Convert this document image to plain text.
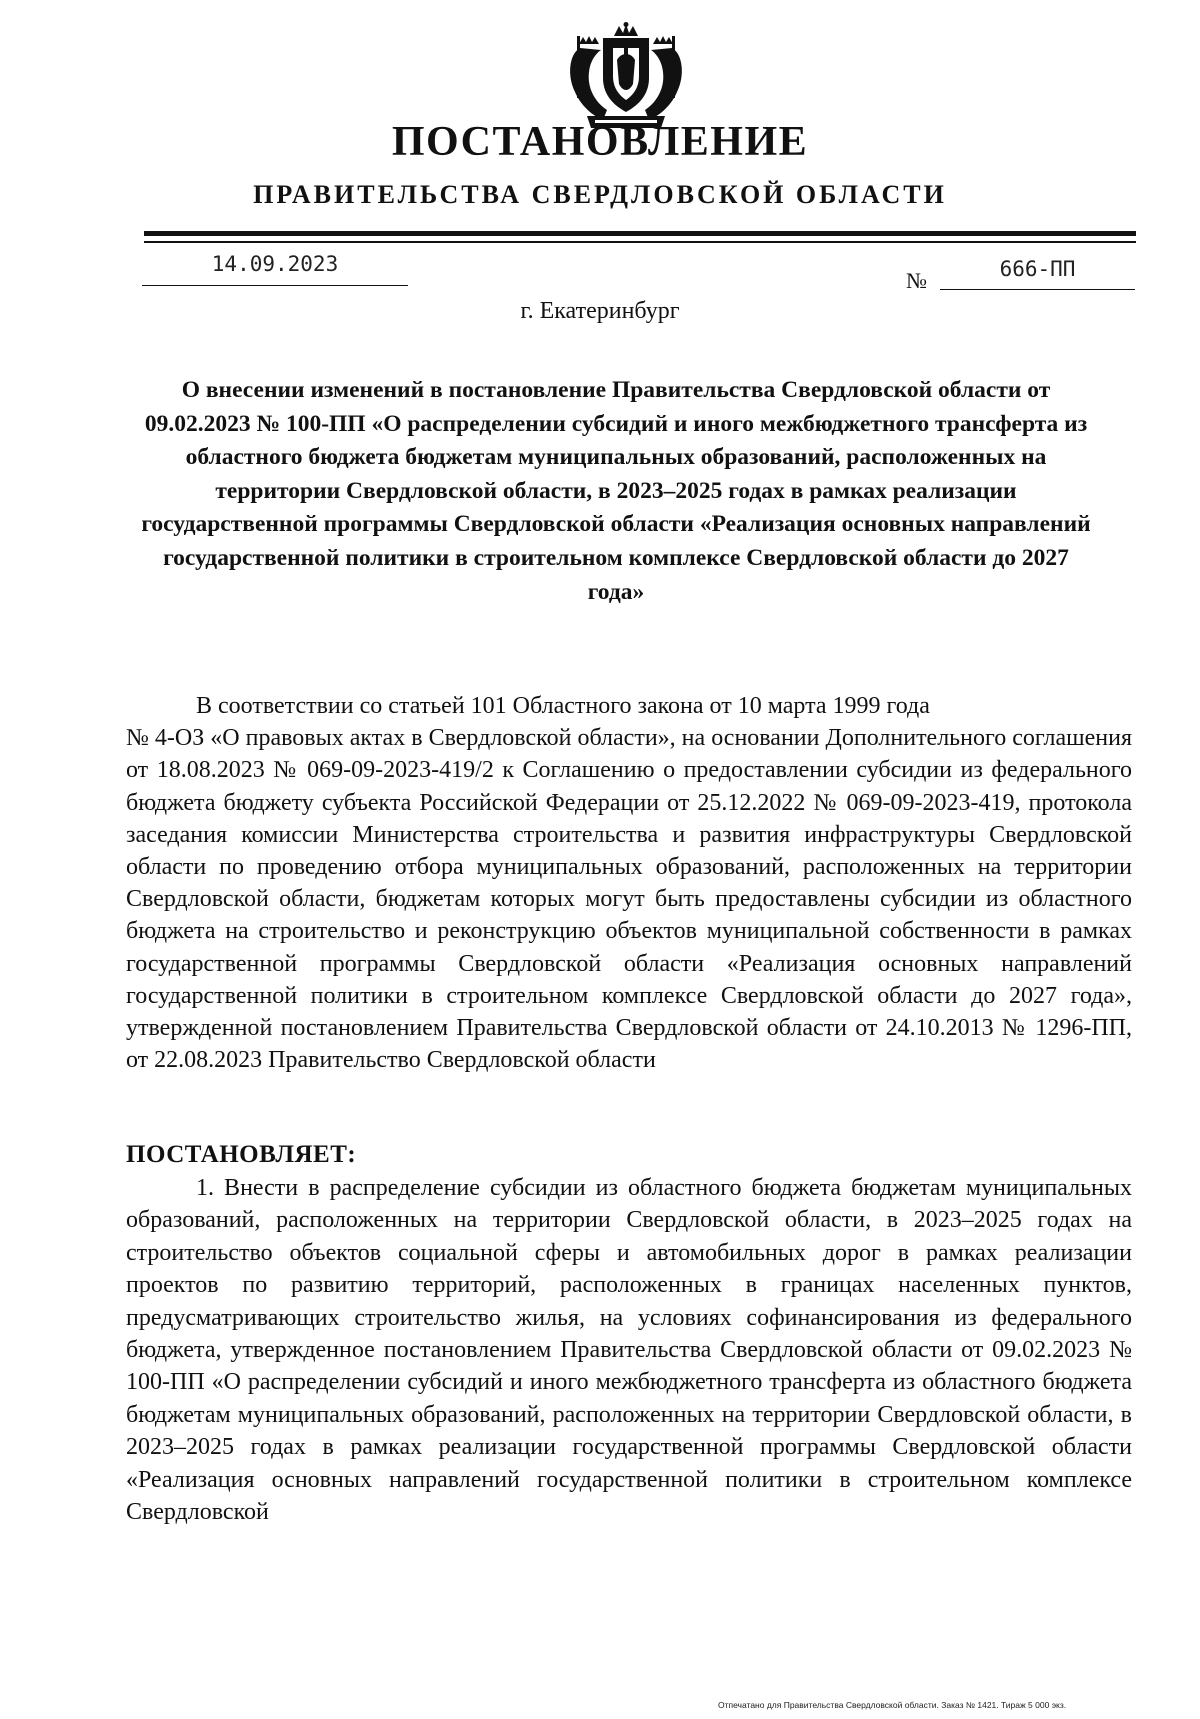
ПОСТАНОВЛЕНИЕ
ПРАВИТЕЛЬСТВА СВЕРДЛОВСКОЙ ОБЛАСТИ
14.09.2023
№	666-ПП
г. Екатеринбург
О внесении изменений в постановление Правительства Свердловской области от 09.02.2023 № 100-ПП «О распределении субсидий и иного межбюджетного трансферта из областного бюджета бюджетам муниципальных образований, расположенных на территории Свердловской области, в 2023–2025 годах в рамках реализации государственной программы Свердловской области «Реализация основных направлений государственной политики в строительном комплексе Свердловской области до 2027 года»

В соответствии со статьей 101 Областного закона от 10 марта 1999 года
№ 4-ОЗ «О правовых актах в Свердловской области», на основании Дополнительного соглашения от 18.08.2023 № 069-09-2023-419/2 к Соглашению о предоставлении субсидии из федерального бюджета бюджету субъекта Российской Федерации от 25.12.2022 № 069-09-2023-419, протокола заседания комиссии Министерства строительства и развития инфраструктуры Свердловской области по проведению отбора муниципальных образований, расположенных на территории Свердловской области, бюджетам которых могут быть предоставлены субсидии из областного бюджета на строительство и реконструкцию объектов муниципальной собственности в рамках государственной программы Свердловской области «Реализация основных направлений государственной политики в строительном комплексе Свердловской области до 2027 года», утвержденной постановлением Правительства Свердловской области от 24.10.2013 № 1296-ПП, от 22.08.2023 Правительство Свердловской области

ПОСТАНОВЛЯЕТ:

1. Внести в распределение субсидии из областного бюджета бюджетам муниципальных образований, расположенных на территории Свердловской области, в 2023–2025 годах на строительство объектов социальной сферы и автомобильных дорог в рамках реализации проектов по развитию территорий, расположенных в границах населенных пунктов, предусматривающих строительство жилья, на условиях софинансирования из федерального бюджета, утвержденное постановлением Правительства Свердловской области от 09.02.2023 № 100-ПП «О распределении субсидий и иного межбюджетного трансферта из областного бюджета бюджетам муниципальных образований, расположенных на территории Свердловской области, в 2023–2025 годах в рамках реализации государственной программы Свердловской области «Реализация основных направлений государственной политики в строительном комплексе Свердловской

Отпечатано для Правительства Свердловской области. Заказ № 1421. Тираж 5 000 экз.
